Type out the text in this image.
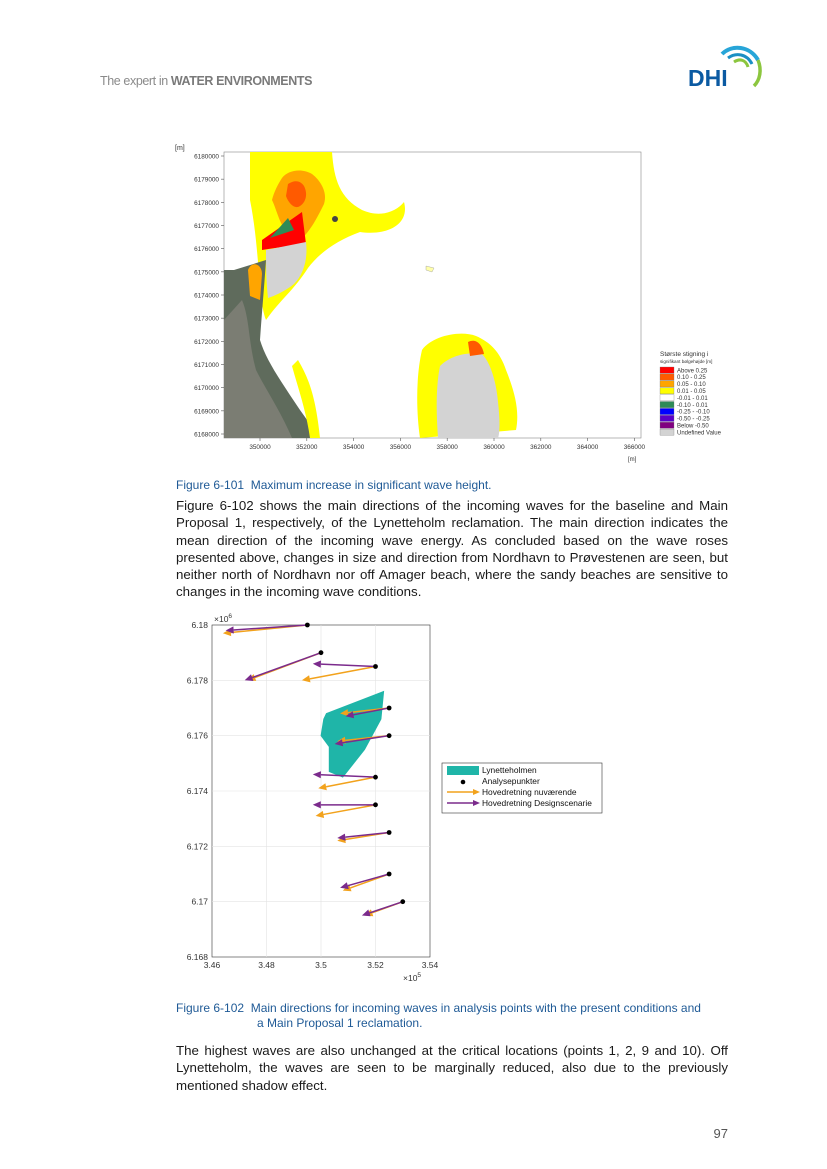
The expert in WATER ENVIRONMENTS	DHI
[m]
6180000
6179000
6178000
6177000
6176000
6175000
6174000
6173000
6172000
6171000
6170000
6169000
6168000
350000	352000	354000	356000	358000	360000	362000	364000	366000
[m]
Største stigning i
signifikant bølgehøjde [m]
Above 0.25
0.10 - 0.25
0.05 - 0.10
0.01 - 0.05
-0.01 - 0.01
-0.10 - 0.01
-0.25 - -0.10
-0.50 - -0.25
Below -0.50
Undefined Value
Figure 6-101 Maximum increase in significant wave height.
Figure 6-102 shows the main directions of the incoming waves for the baseline and Main Proposal 1, respectively, of the Lynetteholm reclamation. The main direction indicates the mean direction of the incoming wave energy. As concluded based on the wave roses presented above, changes in size and direction from Nordhavn to Prøvestenen are seen, but neither north of Nordhavn nor off Amager beach, where the sandy beaches are sensitive to changes in the incoming wave conditions.
6.18
6.178
6.176
6.174
6.172
6.17
6.168
3.46	3.48	3.5	3.52	3.54
$\times 10^6$
$\times 10^5$
Lynetteholmen
Analysepunkter
Hovedretning nuværende
Hovedretning Designscenarie
Figure 6-102 Main directions for incoming waves in analysis points with the present conditions and
a Main Proposal 1 reclamation.
The highest waves are also unchanged at the critical locations (points 1, 2, 9 and 10). Off Lynetteholm, the waves are seen to be marginally reduced, also due to the previously mentioned shadow effect.
97
